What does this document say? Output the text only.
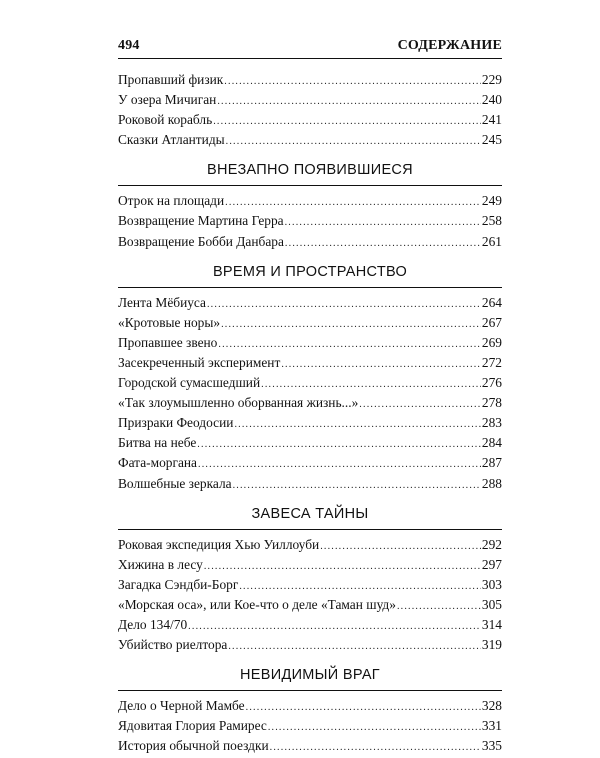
494	СОДЕРЖАНИЕ
Пропавший физик .....	229
У озера Мичиган .....	240
Роковой корабль .....	241
Сказки Атлантиды .....	245
ВНЕЗАПНО ПОЯВИВШИЕСЯ
Отрок на площади .....	249
Возвращение Мартина Герра .....	258
Возвращение Бобби Данбара .....	261
ВРЕМЯ И ПРОСТРАНСТВО
Лента Мёбиуса .....	264
«Кротовые норы» .....	267
Пропавшее звено .....	269
Засекреченный эксперимент .....	272
Городской сумасшедший .....	276
«Так злоумышленно оборванная жизнь...» .....	278
Призраки Феодосии .....	283
Битва на небе .....	284
Фата-моргана .....	287
Волшебные зеркала .....	288
ЗАВЕСА ТАЙНЫ
Роковая экспедиция Хью Уиллоуби .....	292
Хижина в лесу .....	297
Загадка Сэндби-Борг .....	303
«Морская оса», или Кое-что о деле «Таман шуд» .....	305
Дело 134/70 .....	314
Убийство риелтора .....	319
НЕВИДИМЫЙ ВРАГ
Дело о Черной Мамбе .....	328
Ядовитая Глория Рамирес .....	331
История обычной поездки .....	335
